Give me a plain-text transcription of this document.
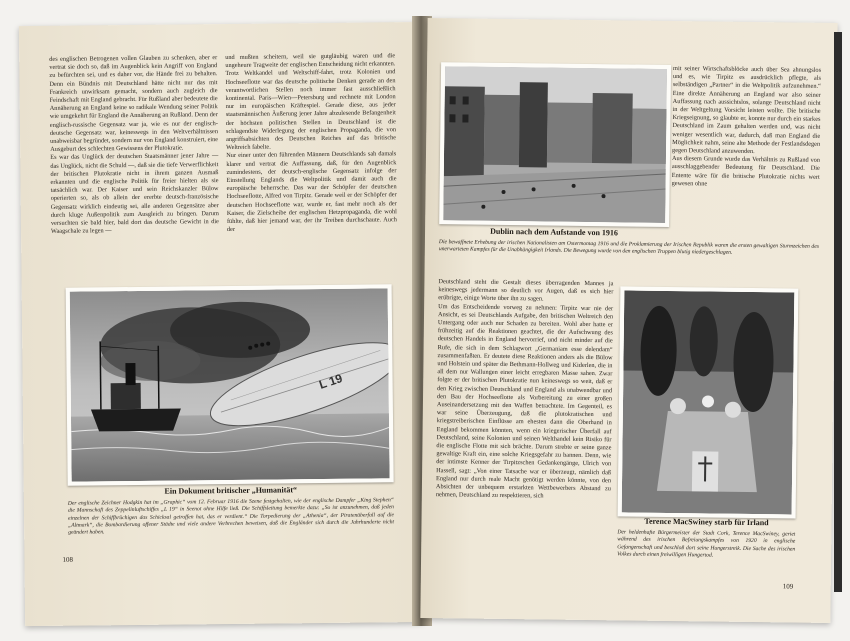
des englischen Betrogenen vollen Glauben zu schenken, aber er vertrat sie doch so, daß im Augenblick kein Angriff von England zu befürchten sei, und es daher vor, die Hände frei zu behalten. Denn ein Bündnis mit Deutschland hätte nicht nur das mit Frankreich unwirksam gemacht, sondern auch zugleich die Feindschaft mit England gebracht. Für Rußland aber bedeutete die Annäherung an England keine so radikale Wendung seiner Politik wie umgekehrt für England die Annäherung an Rußland. Denn der englisch-russische Gegensatz war ja, wie es nur der englisch-deutsche Gegensatz war, keineswegs in den Weltverhältnissen unabweisbar begründet, sondern nur von England konstruiert, eine Ausgeburt des schlechten Gewissens der Plutokratie.
Es war das Unglück der deutschen Staatsmänner jener Jahre — das Unglück, nicht die Schuld —, daß sie die tiefe Verwerflichkeit der britischen Plutokratie nicht in ihrem ganzen Ausmaß erkannten und die englische Politik für freier hielten als sie tatsächlich war. Der Kaiser und sein Reichskanzler Bülow operierten so, als ob allein der ererbte deutsch-französische Gegensatz wirklich eindeutig sei, alle anderen Gegensätze aber durch kluge Außenpolitik zum Ausgleich zu bringen. Darum versuchten sie bald hier, bald dort das deutsche Gewicht in die Waagschale zu legen —
und mußten scheitern, weil sie gutgläubig waren und die ungeheure Tragweite der englischen Entscheidung nicht erkannten. Trotz Weltkandel und Weltschiff-fahrt, trotz Kolonien und Hochseeflotte war das deutsche politische Denken gerade an den verantwortlichen Stellen noch immer fast ausschließlich kontinental. Paris—Wien—Petersburg und rechnete mit London nur im europäischen Kräftespiel. Gerade diese, aus jeder staatsmännischen Äußerung jener Jahre abzulesende Befangenheit der höchsten politischen Stellen in Deutschland ist die schlagendste Widerlegung der englischen Propaganda, die von angriffsabsichten des Deutschen Reiches auf das britische Weltreich fabelte.
Nur einer unter den führenden Männern Deutschlands sah damals klarer und vertrat die Auffassung, daß, für den Augenblick zumindestens, der deutsch-englische Gegensatz infolge der Einstellung Englands die Weltpolitik und damit auch die europäische beherrsche. Das war der Schöpfer der deutschen Hochseeflotte, Alfred von Tirpitz. Gerade weil er der Schöpfer der deutschen Hochseeflotte war, wurde er, fast mehr noch als der Kaiser, die Zielscheibe der englischen Hetzpropaganda, die wohl fühlte, daß hier jemand war, der ihr Treiben durchschaute. Auch der
L 19
Ein Dokument britischer „Humanität“
Der englische Zeichner Hodgkin hat im „Graphic“ vom 12. Februar 1916 die Szene festgehalten, wie der englische Dampfer „King Stephen“ die Mannschaft des Zeppelinluftschiffes „L 19“ in Seenot ohne Hilfe ließ. Die Schiffsleitung bemerkte dazu: „So ist anzunehmen, daß jeden einzelnen der Schiffbrüchigen das Schicksal getroffen hat, das er verdient.“ Die Torpedierung der „Athenia“, der Piratenüberfall auf die „Altmark“, die Bombardierung offener Städte und viele andere Verbrechen beweisen, daß die Engländer sich durch die Jahrhunderte nicht geändert haben.
108
mit seiner Wirtschaftsblöcke auch über Sea ahnungslos und es, wie Tirpitz es ausdrücklich pflegte, als selbständigen „Partner“ in die Weltpolitik aufzunehmen.“ Eine direkte Annäherung an England war also seiner Auffassung nach aussichtslos, solange Deutschland nicht in der Weltgeltung Vorsicht leisten wollte. Die britische Kriegseignung, so glaubte er, konnte nur durch ein starkes Deutschland im Zaum gehalten werden und, was nicht weniger wesentlich war, dadurch, daß man England die Möglichkeit nahm, seine alte Methode der Festlandsdegen gegen Deutschland anzuwenden.
Aus diesem Grunde wurde das Verhältnis zu Rußland von ausschlaggebender Bedeutung für Deutschland. Die Entente wäre für die britische Plutokratie nichts wert gewesen ohne
Dublin nach dem Aufstande von 1916
Die bewaffnete Erhebung der irischen Nationalisten am Ostermontag 1916 und die Proklamierung der Irischen Republik waren die ersten gewaltigen Sturmzeichen des unerwarteten Kampfes für die Unabhängigkeit Irlands. Die Bewegung wurde von den englischen Truppen blutig niedergeschlagen.
Deutschland steht die Gestalt dieses überragenden Mannes ja keineswegs jedermann so deutlich vor Augen, daß es sich hier erübrigte, einige Worte über ihn zu sagen.
Um das Entscheidende vorweg zu nehmen: Tirpitz war nie der Ansicht, es sei Deutschlands Aufgabe, den britischen Weltreich den Untergang oder auch nur Schaden zu bereiten. Wohl aber hatte er frühzeitig auf die Reaktionen geachtet, die der Aufschwung des deutschen Handels in England hervorrief, und nicht minder auf die Rufe, die sich in dem Schlagwort „Germaniam esse delendam“ zusammenfaßten. Er deutete diese Reaktionen anders als die Bülow und Holstein und später die Bethmann-Hollweg und Kiderlen, die in all dem nur Wallungen einer leicht erregbaren Masse sahen. Zwar folgte er der britischen Plutokratie nun keineswegs so weit, daß er den Krieg zwischen Deutschland und England als unabwendbar und den Bau der Hochseeflotte als Vorbereitung zu einer großen Auseinandersetzung mit den Waffen betrachtete. Im Gegenteil, es war seine Überzeugung, daß die plutokratischen und kriegstreiberischen Einflüsse am ehesten dann die Oberhand in England bekommen könnten, wenn ein kriegerischer Überfall auf Deutschland, seine Kolonien und seinen Welthandel kein Risiko für die englische Flotte mit sich brächte. Darum strebte er seine ganze gewaltige Kraft ein, eine solche Kriegsgefahr zu bannen. Denn, wie der intimste Kenner der Tirpitzschen Gedankengänge, Ulrich von Hassell, sagt: „Von einer Tatsache war er überzeugt, nämlich daß England nur durch reale Macht genötigt werden könnte, von den Absichten der unbequem erstarkten Wettbewerbers Abstand zu nehmen, Deutschland zu respektieren, sich
Terence MacSwiney starb für Irland
Der heldenhafte Bürgermeister der Stadt Cork, Terence MacSwiney, geriet während des irischen Befreiungskampfes von 1920 in englische Gefangenschaft und beschloß dort seine Hungerstreik. Die Sache des irischen Volkes durch einen freiwilligen Hungertod.
109
